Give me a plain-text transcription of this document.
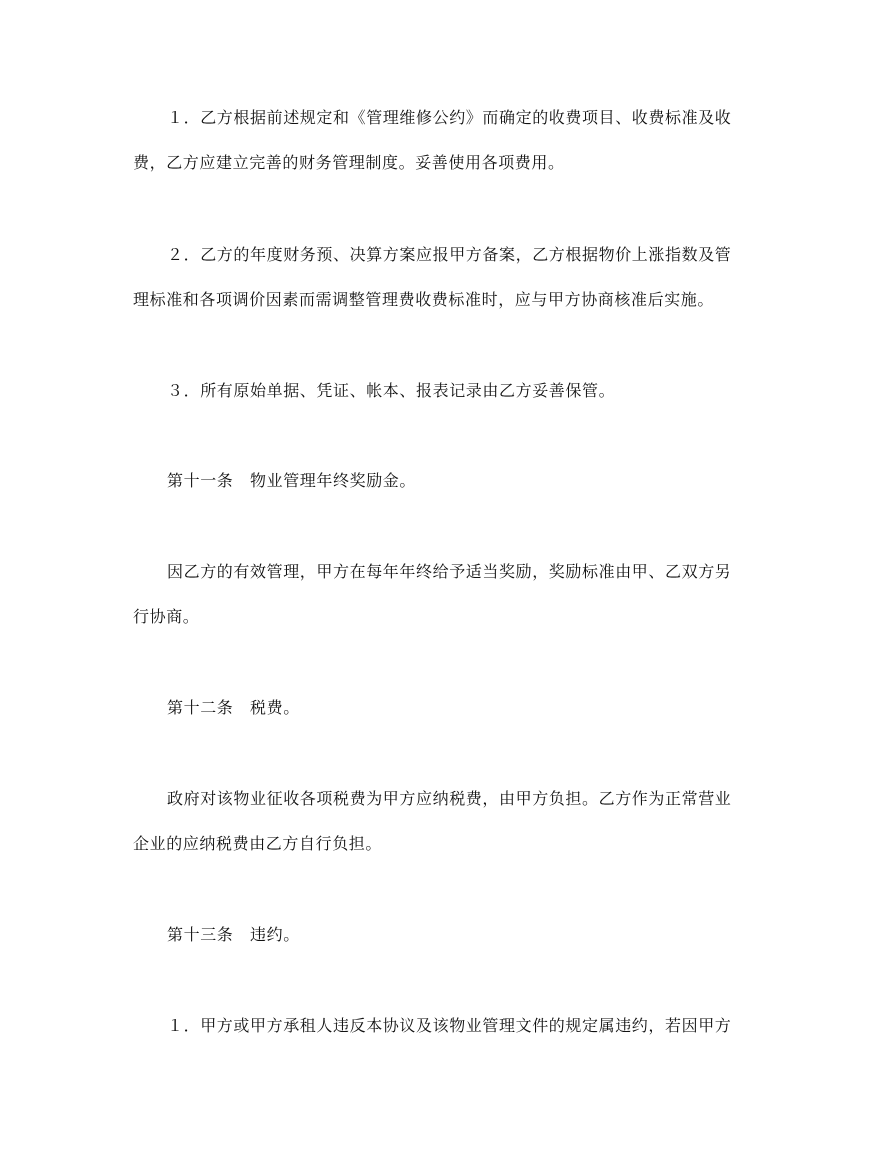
１．乙方根据前述规定和《管理维修公约》而确定的收费项目、收费标准及收
费，乙方应建立完善的财务管理制度。妥善使用各项费用。

２．乙方的年度财务预、决算方案应报甲方备案，乙方根据物价上涨指数及管
理标准和各项调价因素而需调整管理费收费标准时，应与甲方协商核准后实施。

３．所有原始单据、凭证、帐本、报表记录由乙方妥善保管。

第十一条　物业管理年终奖励金。

因乙方的有效管理，甲方在每年年终给予适当奖励，奖励标准由甲、乙双方另
行协商。

第十二条　税费。

政府对该物业征收各项税费为甲方应纳税费，由甲方负担。乙方作为正常营业
企业的应纳税费由乙方自行负担。

第十三条　违约。

１．甲方或甲方承租人违反本协议及该物业管理文件的规定属违约，若因甲方
